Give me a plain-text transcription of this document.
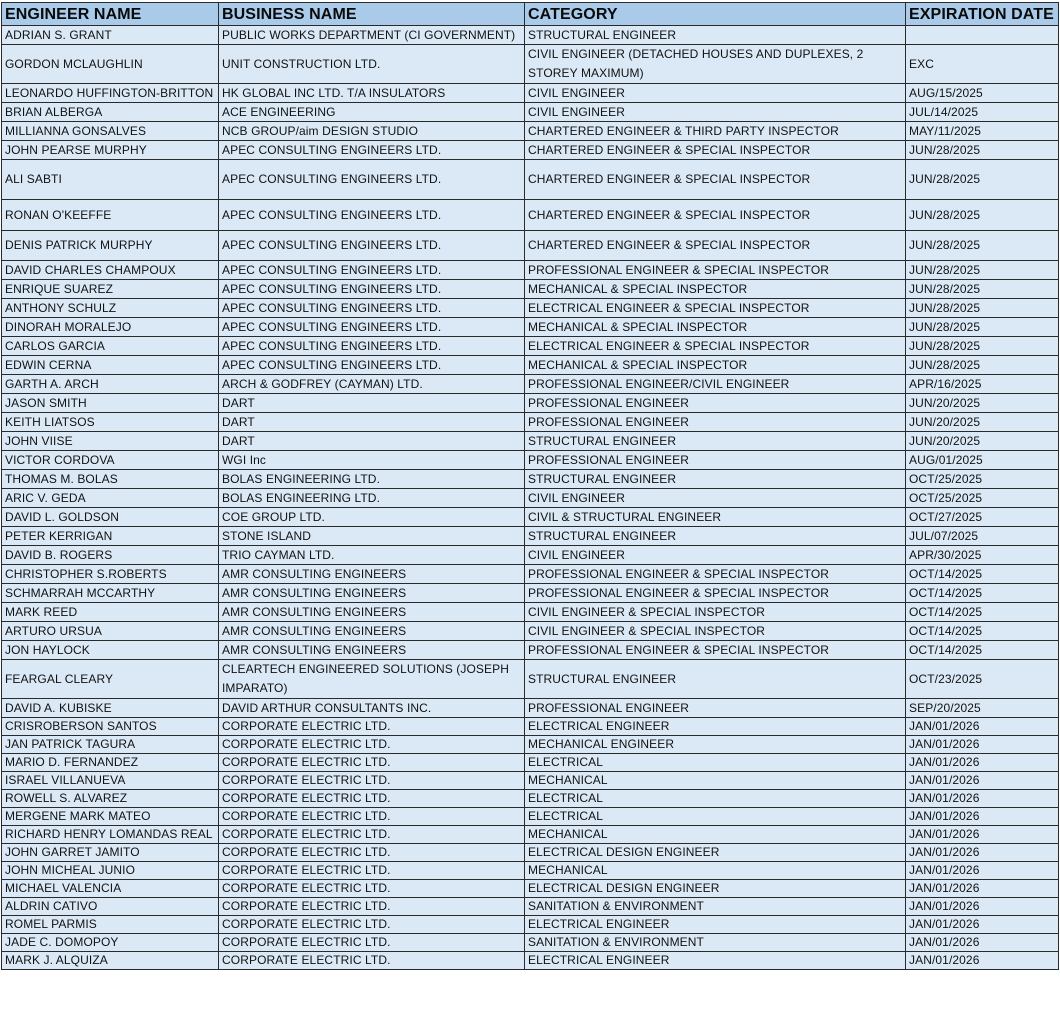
ENGINEER NAME	BUSINESS NAME	CATEGORY	EXPIRATION DATE
ADRIAN S. GRANT	PUBLIC WORKS DEPARTMENT (CI GOVERNMENT)	STRUCTURAL ENGINEER	
GORDON MCLAUGHLIN	UNIT CONSTRUCTION LTD.	CIVIL ENGINEER (DETACHED HOUSES AND DUPLEXES, 2 STOREY MAXIMUM)	EXC
LEONARDO HUFFINGTON-BRITTON	HK GLOBAL INC LTD. T/A INSULATORS	CIVIL ENGINEER	AUG/15/2025
BRIAN ALBERGA	ACE ENGINEERING	CIVIL ENGINEER	JUL/14/2025
MILLIANNA GONSALVES	NCB GROUP/aim DESIGN STUDIO	CHARTERED ENGINEER & THIRD PARTY INSPECTOR	MAY/11/2025
JOHN PEARSE MURPHY	APEC CONSULTING ENGINEERS LTD.	CHARTERED ENGINEER & SPECIAL INSPECTOR	JUN/28/2025
ALI SABTI	APEC CONSULTING ENGINEERS LTD.	CHARTERED ENGINEER & SPECIAL INSPECTOR	JUN/28/2025
RONAN O'KEEFFE	APEC CONSULTING ENGINEERS LTD.	CHARTERED ENGINEER & SPECIAL INSPECTOR	JUN/28/2025
DENIS PATRICK MURPHY	APEC CONSULTING ENGINEERS LTD.	CHARTERED ENGINEER & SPECIAL INSPECTOR	JUN/28/2025
DAVID CHARLES CHAMPOUX	APEC CONSULTING ENGINEERS LTD.	PROFESSIONAL ENGINEER & SPECIAL INSPECTOR	JUN/28/2025
ENRIQUE SUAREZ	APEC CONSULTING ENGINEERS LTD.	MECHANICAL & SPECIAL INSPECTOR	JUN/28/2025
ANTHONY SCHULZ	APEC CONSULTING ENGINEERS LTD.	ELECTRICAL ENGINEER & SPECIAL INSPECTOR	JUN/28/2025
DINORAH MORALEJO	APEC CONSULTING ENGINEERS LTD.	MECHANICAL & SPECIAL INSPECTOR	JUN/28/2025
CARLOS GARCIA	APEC CONSULTING ENGINEERS LTD.	ELECTRICAL ENGINEER & SPECIAL INSPECTOR	JUN/28/2025
EDWIN CERNA	APEC CONSULTING ENGINEERS LTD.	MECHANICAL & SPECIAL INSPECTOR	JUN/28/2025
GARTH A. ARCH	ARCH & GODFREY (CAYMAN) LTD.	PROFESSIONAL ENGINEER/CIVIL ENGINEER	APR/16/2025
JASON SMITH	DART	PROFESSIONAL ENGINEER	JUN/20/2025
KEITH LIATSOS	DART	PROFESSIONAL ENGINEER	JUN/20/2025
JOHN VIISE	DART	STRUCTURAL ENGINEER	JUN/20/2025
VICTOR CORDOVA	WGI Inc	PROFESSIONAL ENGINEER	AUG/01/2025
THOMAS M. BOLAS	BOLAS ENGINEERING LTD.	STRUCTURAL ENGINEER	OCT/25/2025
ARIC V. GEDA	BOLAS ENGINEERING LTD.	CIVIL ENGINEER	OCT/25/2025
DAVID L. GOLDSON	COE GROUP LTD.	CIVIL & STRUCTURAL ENGINEER	OCT/27/2025
PETER KERRIGAN	STONE ISLAND	STRUCTURAL ENGINEER	JUL/07/2025
DAVID B. ROGERS	TRIO CAYMAN LTD.	CIVIL ENGINEER	APR/30/2025
CHRISTOPHER S.ROBERTS	AMR CONSULTING ENGINEERS	PROFESSIONAL ENGINEER & SPECIAL INSPECTOR	OCT/14/2025
SCHMARRAH MCCARTHY	AMR CONSULTING ENGINEERS	PROFESSIONAL ENGINEER & SPECIAL INSPECTOR	OCT/14/2025
MARK REED	AMR CONSULTING ENGINEERS	CIVIL ENGINEER & SPECIAL INSPECTOR	OCT/14/2025
ARTURO URSUA	AMR CONSULTING ENGINEERS	CIVIL ENGINEER & SPECIAL INSPECTOR	OCT/14/2025
JON HAYLOCK	AMR CONSULTING ENGINEERS	PROFESSIONAL ENGINEER & SPECIAL INSPECTOR	OCT/14/2025
FEARGAL CLEARY	CLEARTECH ENGINEERED SOLUTIONS (JOSEPH IMPARATO)	STRUCTURAL ENGINEER	OCT/23/2025
DAVID A. KUBISKE	DAVID ARTHUR CONSULTANTS INC.	PROFESSIONAL ENGINEER	SEP/20/2025
CRISROBERSON SANTOS	CORPORATE ELECTRIC LTD.	ELECTRICAL ENGINEER	JAN/01/2026
JAN PATRICK TAGURA	CORPORATE ELECTRIC LTD.	MECHANICAL ENGINEER	JAN/01/2026
MARIO D. FERNANDEZ	CORPORATE ELECTRIC LTD.	ELECTRICAL	JAN/01/2026
ISRAEL VILLANUEVA	CORPORATE ELECTRIC LTD.	MECHANICAL	JAN/01/2026
ROWELL S. ALVAREZ	CORPORATE ELECTRIC LTD.	ELECTRICAL	JAN/01/2026
MERGENE MARK MATEO	CORPORATE ELECTRIC LTD.	ELECTRICAL	JAN/01/2026
RICHARD HENRY LOMANDAS REAL	CORPORATE ELECTRIC LTD.	MECHANICAL	JAN/01/2026
JOHN GARRET JAMITO	CORPORATE ELECTRIC LTD.	ELECTRICAL DESIGN ENGINEER	JAN/01/2026
JOHN MICHEAL JUNIO	CORPORATE ELECTRIC LTD.	MECHANICAL	JAN/01/2026
MICHAEL VALENCIA	CORPORATE ELECTRIC LTD.	ELECTRICAL DESIGN ENGINEER	JAN/01/2026
ALDRIN CATIVO	CORPORATE ELECTRIC LTD.	SANITATION & ENVIRONMENT	JAN/01/2026
ROMEL PARMIS	CORPORATE ELECTRIC LTD.	ELECTRICAL ENGINEER	JAN/01/2026
JADE C. DOMOPOY	CORPORATE ELECTRIC LTD.	SANITATION & ENVIRONMENT	JAN/01/2026
MARK J. ALQUIZA	CORPORATE ELECTRIC LTD.	ELECTRICAL ENGINEER	JAN/01/2026
